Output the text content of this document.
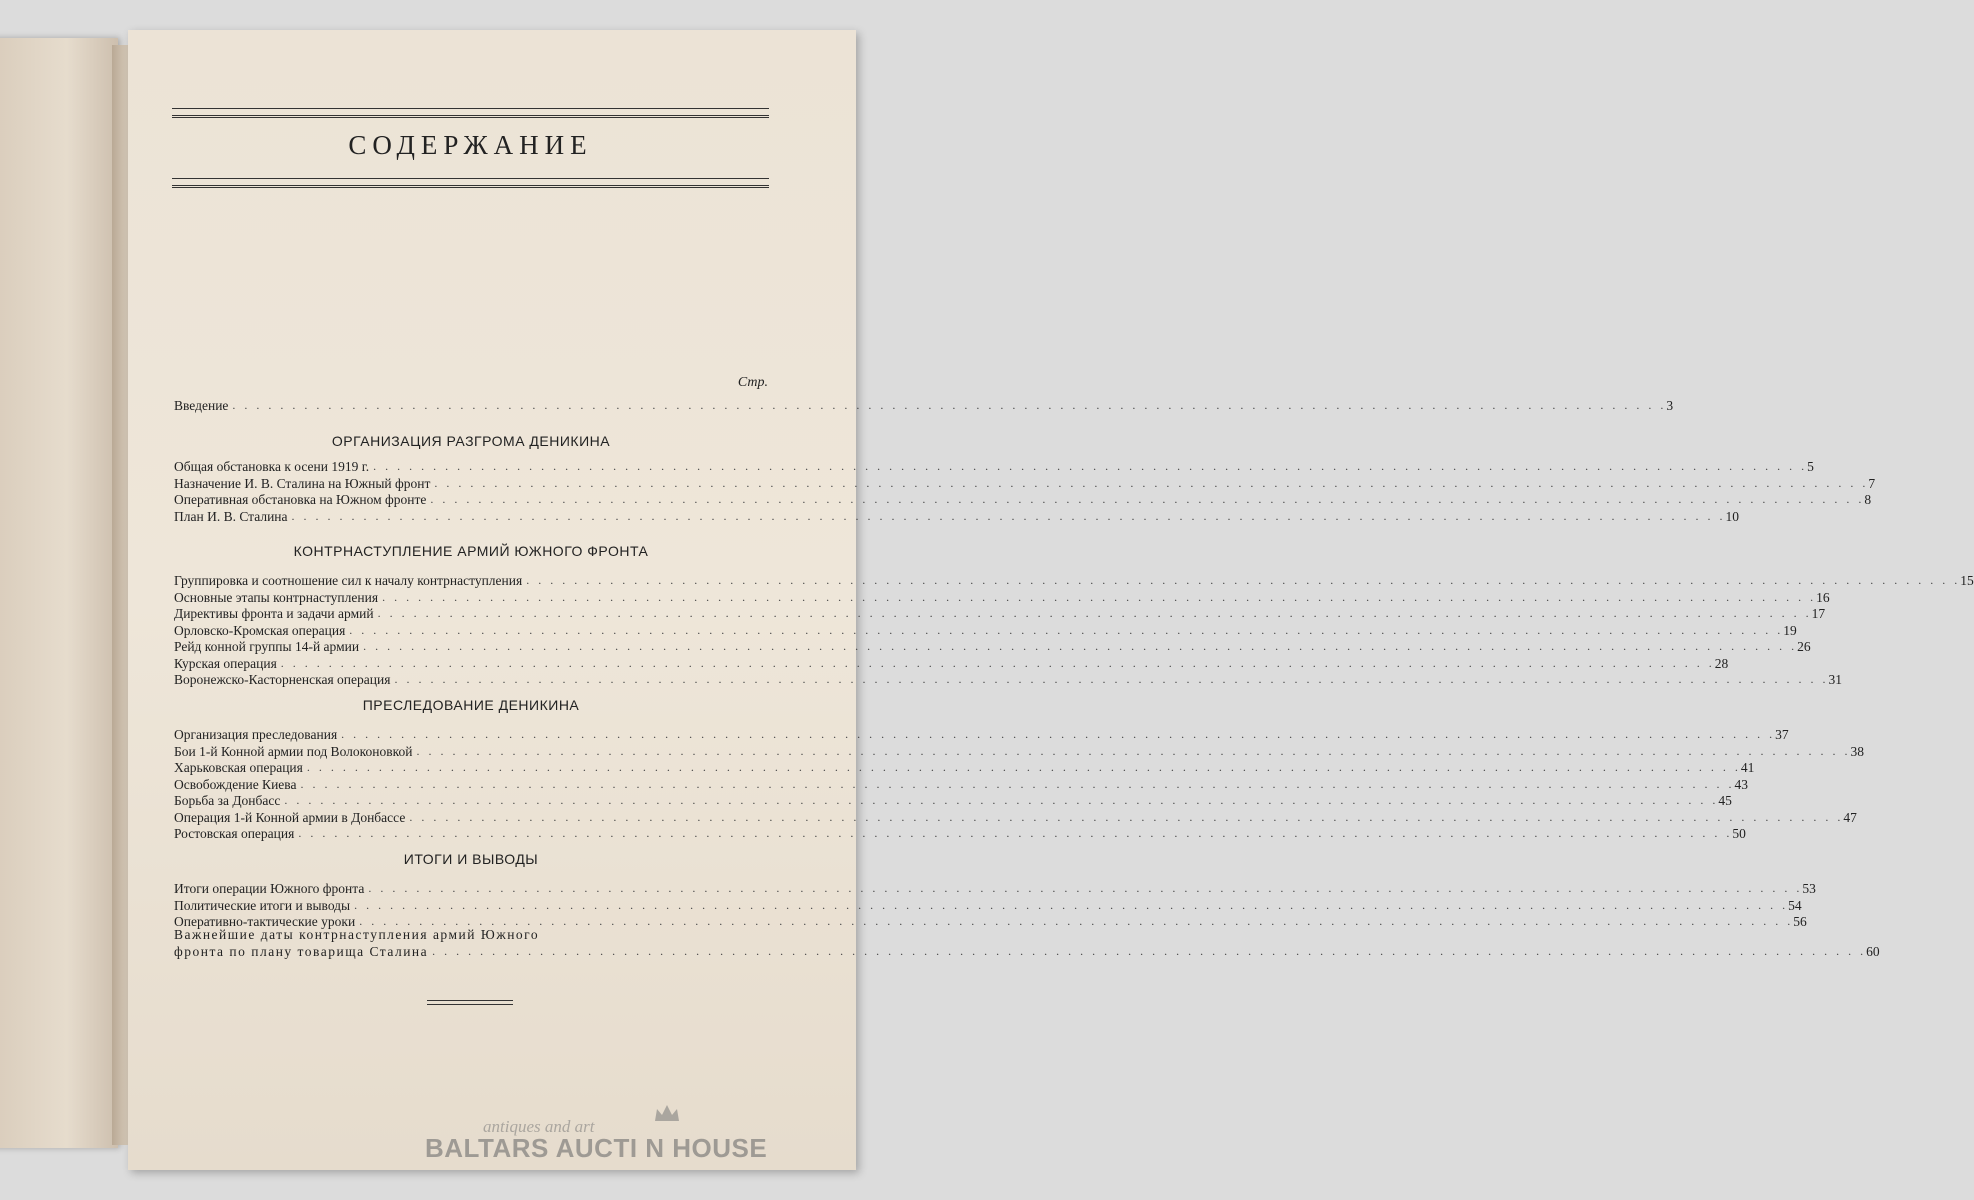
СОДЕРЖАНИЕ
Стр.
Введение . . . . . . . . . . . . . . . . . . . . . . . . . . . . . . . . . . . . . . . . . . . . . . . . . . . . . . . . . . . . . . . . . . . . . . . . . . . . . . . . . . . . . . . . . . . . . . . . . . . . . . . . . . . . . . . . . . . . . . . . 3
ОРГАНИЗАЦИЯ РАЗГРОМА ДЕНИКИНА
Общая обстановка к осени 1919 г. . . . . . . . . . . . . . . . . . . . . . . . . . . . . . . . . . . . . . . . . . . . . . . . . . . . . . . . . . . . . . . . . . . . . . . . . . . . . . . . . . . . . . . . . . . . . . . . . . . . . . . . . . . . . . . . . . . . . . . . . 5
Назначение И. В. Сталина на Южный фронт . . . . . . . . . . . . . . . . . . . . . . . . . . . . . . . . . . . . . . . . . . . . . . . . . . . . . . . . . . . . . . . . . . . . . . . . . . . . . . . . . . . . . . . . . . . . . . . . . . . . . . . . . . . . . . . . . . . . . . . . 7
Оперативная обстановка на Южном фронте . . . . . . . . . . . . . . . . . . . . . . . . . . . . . . . . . . . . . . . . . . . . . . . . . . . . . . . . . . . . . . . . . . . . . . . . . . . . . . . . . . . . . . . . . . . . . . . . . . . . . . . . . . . . . . . . . . . . . . . . 8
План И. В. Сталина . . . . . . . . . . . . . . . . . . . . . . . . . . . . . . . . . . . . . . . . . . . . . . . . . . . . . . . . . . . . . . . . . . . . . . . . . . . . . . . . . . . . . . . . . . . . . . . . . . . . . . . . . . . . . . . . . . . . . . . . 10
КОНТРНАСТУПЛЕНИЕ АРМИЙ ЮЖНОГО ФРОНТА
Группировка и соотношение сил к началу контрнаступления . . . . . . . . . . . . . . . . . . . . . . . . . . . . . . . . . . . . . . . . . . . . . . . . . . . . . . . . . . . . . . . . . . . . . . . . . . . . . . . . . . . . . . . . . . . . . . . . . . . . . . . . . . . . . . . . . . . . . . . . 15
Основные этапы контрнаступления . . . . . . . . . . . . . . . . . . . . . . . . . . . . . . . . . . . . . . . . . . . . . . . . . . . . . . . . . . . . . . . . . . . . . . . . . . . . . . . . . . . . . . . . . . . . . . . . . . . . . . . . . . . . . . . . . . . . . . . . 16
Директивы фронта и задачи армий . . . . . . . . . . . . . . . . . . . . . . . . . . . . . . . . . . . . . . . . . . . . . . . . . . . . . . . . . . . . . . . . . . . . . . . . . . . . . . . . . . . . . . . . . . . . . . . . . . . . . . . . . . . . . . . . . . . . . . . . 17
Орловско-Кромская операция . . . . . . . . . . . . . . . . . . . . . . . . . . . . . . . . . . . . . . . . . . . . . . . . . . . . . . . . . . . . . . . . . . . . . . . . . . . . . . . . . . . . . . . . . . . . . . . . . . . . . . . . . . . . . . . . . . . . . . . . 19
Рейд конной группы 14-й армии . . . . . . . . . . . . . . . . . . . . . . . . . . . . . . . . . . . . . . . . . . . . . . . . . . . . . . . . . . . . . . . . . . . . . . . . . . . . . . . . . . . . . . . . . . . . . . . . . . . . . . . . . . . . . . . . . . . . . . . . 26
Курская операция . . . . . . . . . . . . . . . . . . . . . . . . . . . . . . . . . . . . . . . . . . . . . . . . . . . . . . . . . . . . . . . . . . . . . . . . . . . . . . . . . . . . . . . . . . . . . . . . . . . . . . . . . . . . . . . . . . . . . . . . 28
Воронежско-Касторненская операция . . . . . . . . . . . . . . . . . . . . . . . . . . . . . . . . . . . . . . . . . . . . . . . . . . . . . . . . . . . . . . . . . . . . . . . . . . . . . . . . . . . . . . . . . . . . . . . . . . . . . . . . . . . . . . . . . . . . . . . . 31
ПРЕСЛЕДОВАНИЕ ДЕНИКИНА
Организация преследования . . . . . . . . . . . . . . . . . . . . . . . . . . . . . . . . . . . . . . . . . . . . . . . . . . . . . . . . . . . . . . . . . . . . . . . . . . . . . . . . . . . . . . . . . . . . . . . . . . . . . . . . . . . . . . . . . . . . . . . . 37
Бои 1-й Конной армии под Волоконовкой . . . . . . . . . . . . . . . . . . . . . . . . . . . . . . . . . . . . . . . . . . . . . . . . . . . . . . . . . . . . . . . . . . . . . . . . . . . . . . . . . . . . . . . . . . . . . . . . . . . . . . . . . . . . . . . . . . . . . . . . 38
Харьковская операция . . . . . . . . . . . . . . . . . . . . . . . . . . . . . . . . . . . . . . . . . . . . . . . . . . . . . . . . . . . . . . . . . . . . . . . . . . . . . . . . . . . . . . . . . . . . . . . . . . . . . . . . . . . . . . . . . . . . . . . . 41
Освобождение Киева . . . . . . . . . . . . . . . . . . . . . . . . . . . . . . . . . . . . . . . . . . . . . . . . . . . . . . . . . . . . . . . . . . . . . . . . . . . . . . . . . . . . . . . . . . . . . . . . . . . . . . . . . . . . . . . . . . . . . . . . 43
Борьба за Донбасс . . . . . . . . . . . . . . . . . . . . . . . . . . . . . . . . . . . . . . . . . . . . . . . . . . . . . . . . . . . . . . . . . . . . . . . . . . . . . . . . . . . . . . . . . . . . . . . . . . . . . . . . . . . . . . . . . . . . . . . . 45
Операция 1-й Конной армии в Донбассе . . . . . . . . . . . . . . . . . . . . . . . . . . . . . . . . . . . . . . . . . . . . . . . . . . . . . . . . . . . . . . . . . . . . . . . . . . . . . . . . . . . . . . . . . . . . . . . . . . . . . . . . . . . . . . . . . . . . . . . . 47
Ростовская операция . . . . . . . . . . . . . . . . . . . . . . . . . . . . . . . . . . . . . . . . . . . . . . . . . . . . . . . . . . . . . . . . . . . . . . . . . . . . . . . . . . . . . . . . . . . . . . . . . . . . . . . . . . . . . . . . . . . . . . . . 50
ИТОГИ И ВЫВОДЫ
Итоги операции Южного фронта . . . . . . . . . . . . . . . . . . . . . . . . . . . . . . . . . . . . . . . . . . . . . . . . . . . . . . . . . . . . . . . . . . . . . . . . . . . . . . . . . . . . . . . . . . . . . . . . . . . . . . . . . . . . . . . . . . . . . . . . 53
Политические итоги и выводы . . . . . . . . . . . . . . . . . . . . . . . . . . . . . . . . . . . . . . . . . . . . . . . . . . . . . . . . . . . . . . . . . . . . . . . . . . . . . . . . . . . . . . . . . . . . . . . . . . . . . . . . . . . . . . . . . . . . . . . . 54
Оперативно-тактические уроки . . . . . . . . . . . . . . . . . . . . . . . . . . . . . . . . . . . . . . . . . . . . . . . . . . . . . . . . . . . . . . . . . . . . . . . . . . . . . . . . . . . . . . . . . . . . . . . . . . . . . . . . . . . . . . . . . . . . . . . . 56
Важнейшие даты контрнаступления армий Южного
фронта по плану товарища Сталина . . . . . . . . . . . . . . . . . . . . . . . . . . . . . . . . . . . . . . . . . . . . . . . . . . . . . . . . . . . . . . . . . . . . . . . . . . . . . . . . . . . . . . . . . . . . . . . . . . . . . . . . . . . . . . . . . . . . . . . . 60
antiques and art
BALTARS AUCTI N HOUSE
